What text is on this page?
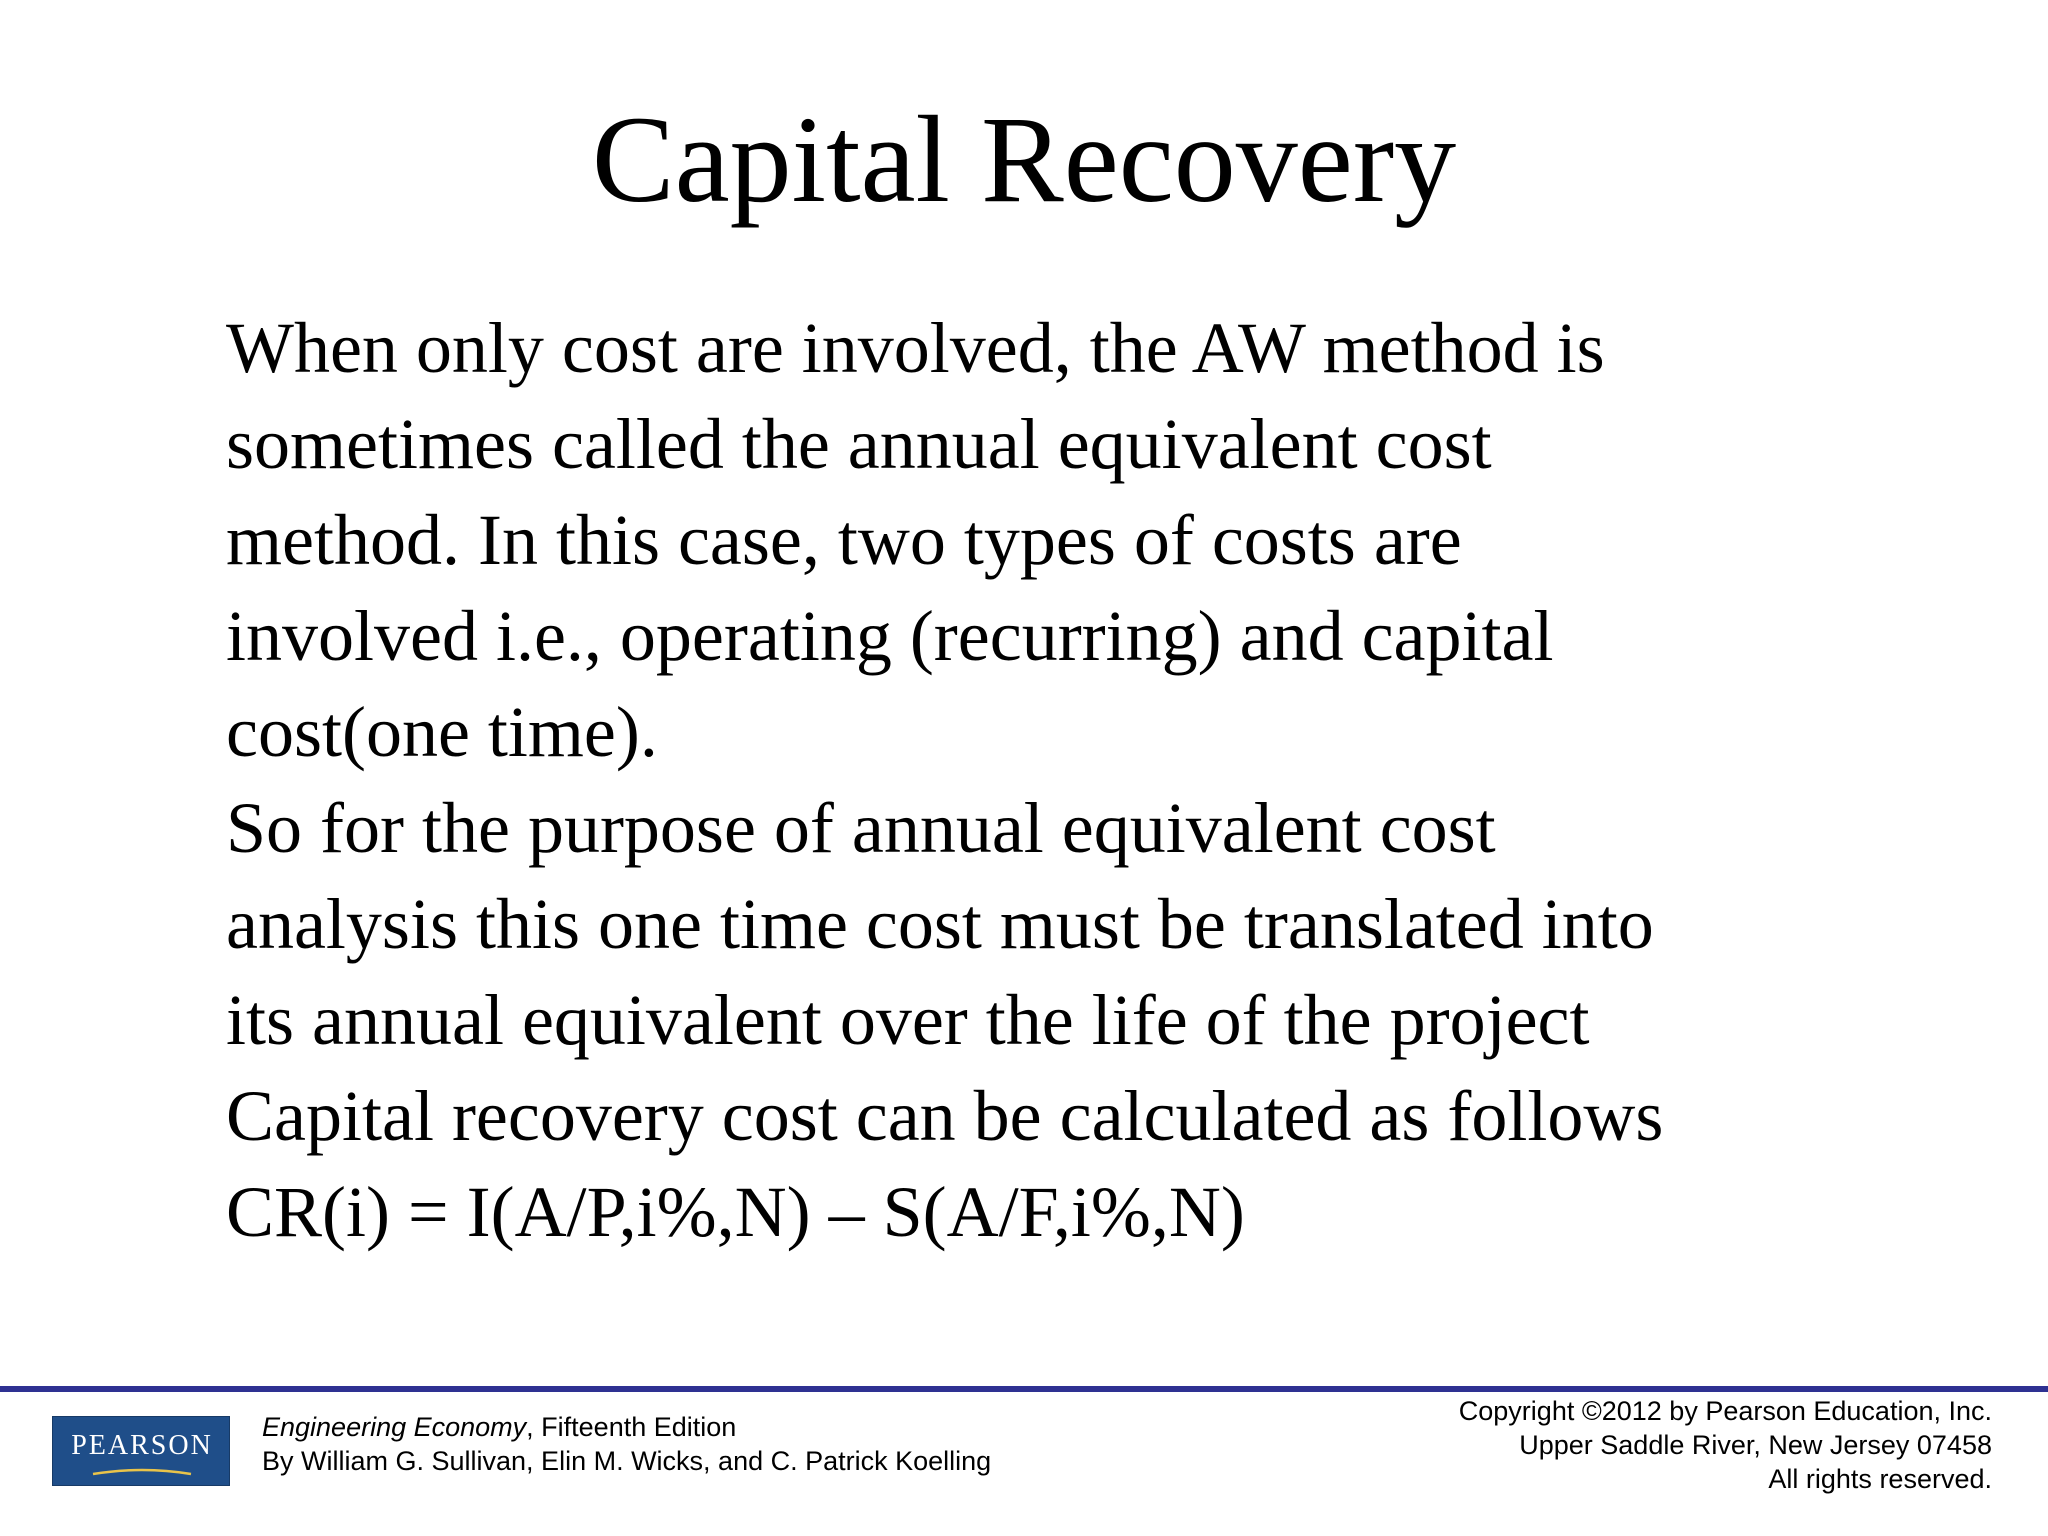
Capital Recovery
When only cost are involved, the AW method is
sometimes called the annual equivalent cost
method. In this case, two types of costs are
involved i.e., operating (recurring) and capital
cost(one time).
So for the purpose of annual equivalent cost
analysis this one time cost must be translated into
its annual equivalent over the life of the project
Capital recovery cost can be calculated as follows
CR(i) = I(A/P,i%,N) – S(A/F,i%,N)
PEARSON
Engineering Economy, Fifteenth Edition
By William G. Sullivan, Elin M. Wicks, and C. Patrick Koelling
Copyright ©2012 by Pearson Education, Inc.
Upper Saddle River, New Jersey 07458
All rights reserved.
